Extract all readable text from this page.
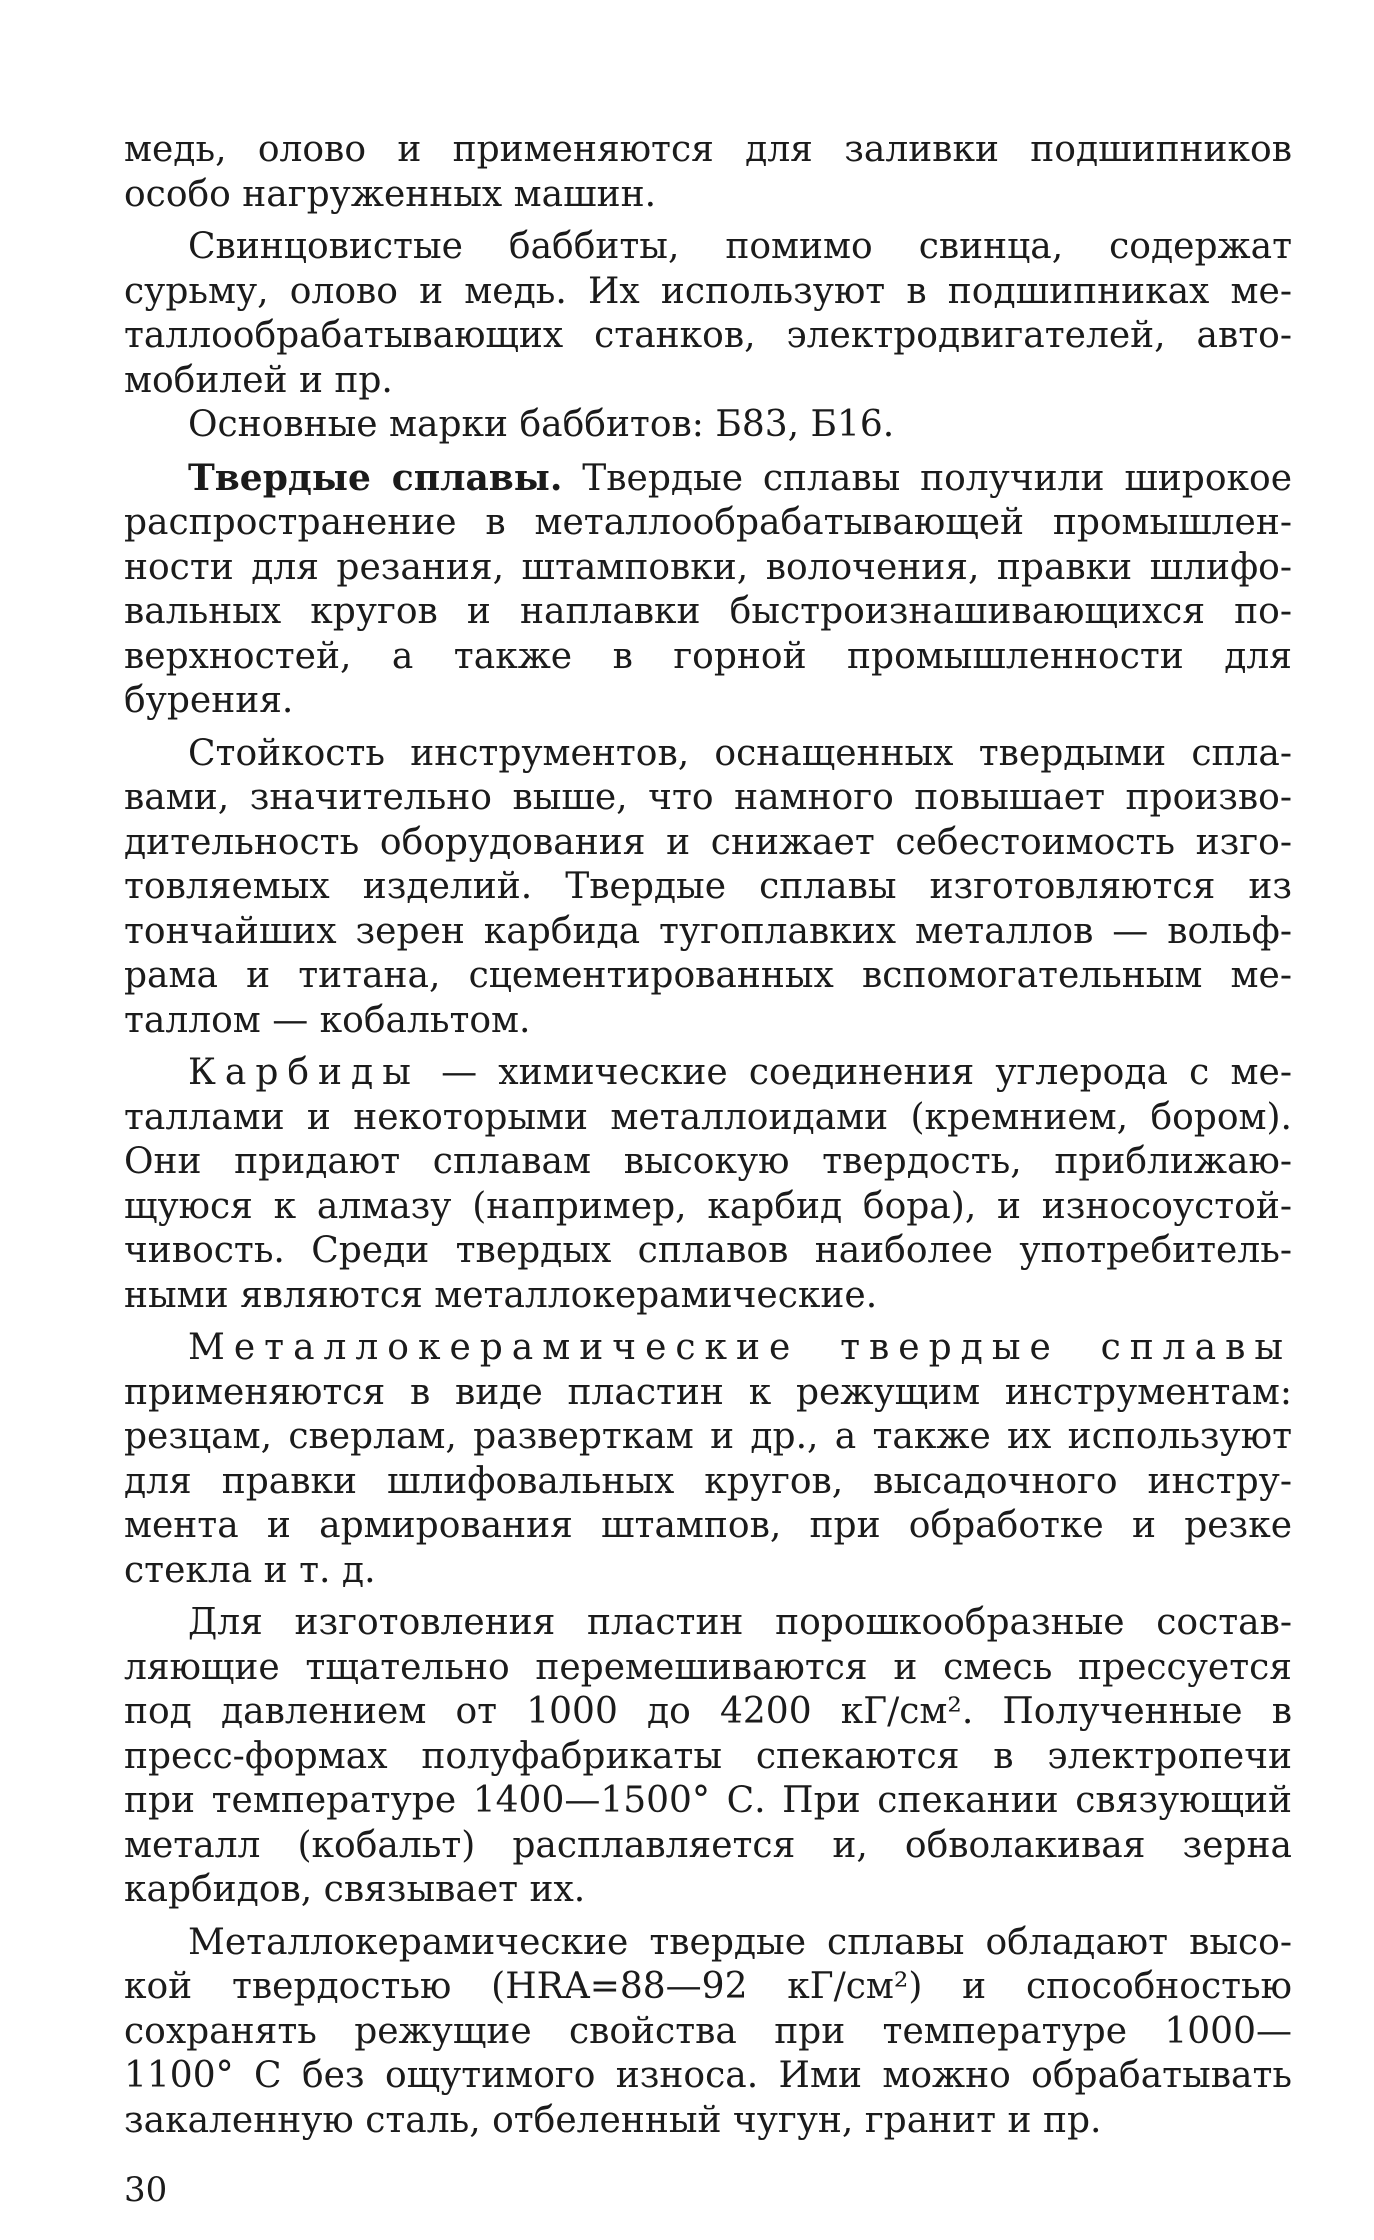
медь, олово и применяются для заливки подшипников
особо нагруженных машин.
Свинцовистые баббиты, помимо свинца, содержат
сурьму, олово и медь. Их используют в подшипниках ме-
таллообрабатывающих станков, электродвигателей, авто-
мобилей и пр.
Основные марки баббитов: Б83, Б16.
Твердые сплавы. Твердые сплавы получили широкое
распространение в металлообрабатывающей промышлен-
ности для резания, штамповки, волочения, правки шлифо-
вальных кругов и наплавки быстроизнашивающихся по-
верхностей, а также в горной промышленности для
бурения.
Стойкость инструментов, оснащенных твердыми спла-
вами, значительно выше, что намного повышает произво-
дительность оборудования и снижает себестоимость изго-
товляемых изделий. Твердые сплавы изготовляются из
тончайших зерен карбида тугоплавких металлов — вольф-
рама и титана, сцементированных вспомогательным ме-
таллом — кобальтом.
Карбиды — химические соединения углерода с ме-
таллами и некоторыми металлоидами (кремнием, бором).
Они придают сплавам высокую твердость, приближаю-
щуюся к алмазу (например, карбид бора), и износоустой-
чивость. Среди твердых сплавов наиболее употребитель-
ными являются металлокерамические.
Металлокерамические твердые сплавы
применяются в виде пластин к режущим инструментам:
резцам, сверлам, разверткам и др., а также их используют
для правки шлифовальных кругов, высадочного инстру-
мента и армирования штампов, при обработке и резке
стекла и т. д.
Для изготовления пластин порошкообразные состав-
ляющие тщательно перемешиваются и смесь прессуется
под давлением от 1000 до 4200 кГ/см². Полученные в
пресс-формах полуфабрикаты спекаются в электропечи
при температуре 1400—1500° С. При спекании связующий
металл (кобальт) расплавляется и, обволакивая зерна
карбидов, связывает их.
Металлокерамические твердые сплавы обладают высо-
кой твердостью (HRA=88—92 кГ/см²) и способностью
сохранять режущие свойства при температуре 1000—
1100° С без ощутимого износа. Ими можно обрабатывать
закаленную сталь, отбеленный чугун, гранит и пр.
30
